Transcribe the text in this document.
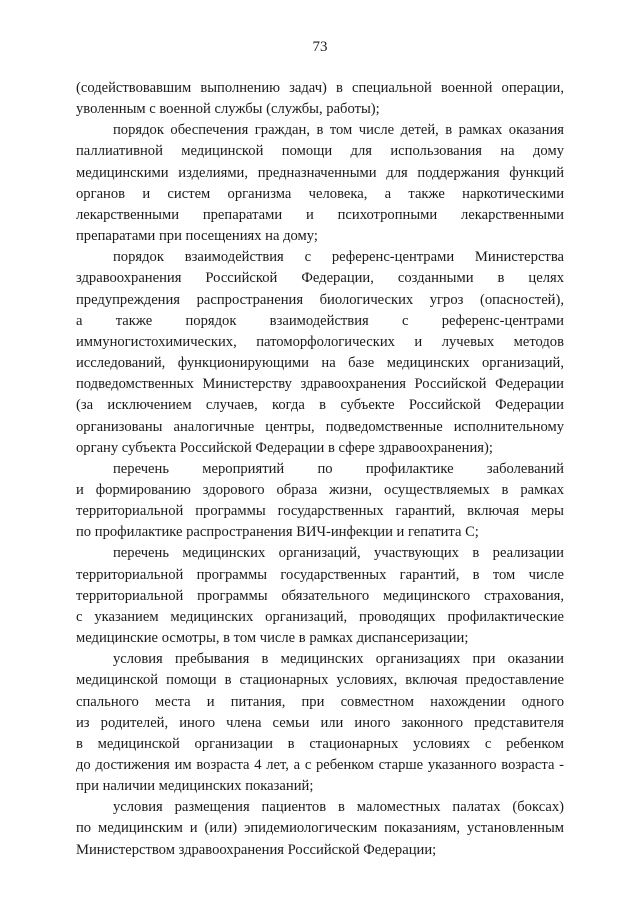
73
(содействовавшим выполнению задач) в специальной военной операции,
уволенным с военной службы (службы, работы);
порядок обеспечения граждан, в том числе детей, в рамках оказания
паллиативной медицинской помощи для использования на дому
медицинскими изделиями, предназначенными для поддержания функций
органов и систем организма человека, а также наркотическими
лекарственными препаратами и психотропными лекарственными
препаратами при посещениях на дому;
порядок взаимодействия с референс-центрами Министерства
здравоохранения Российской Федерации, созданными в целях
предупреждения распространения биологических угроз (опасностей),
а также порядок взаимодействия с референс-центрами
иммуногистохимических, патоморфологических и лучевых методов
исследований, функционирующими на базе медицинских организаций,
подведомственных Министерству здравоохранения Российской Федерации
(за исключением случаев, когда в субъекте Российской Федерации
организованы аналогичные центры, подведомственные исполнительному
органу субъекта Российской Федерации в сфере здравоохранения);
перечень мероприятий по профилактике заболеваний
и формированию здорового образа жизни, осуществляемых в рамках
территориальной программы государственных гарантий, включая меры
по профилактике распространения ВИЧ-инфекции и гепатита С;
перечень медицинских организаций, участвующих в реализации
территориальной программы государственных гарантий, в том числе
территориальной программы обязательного медицинского страхования,
с указанием медицинских организаций, проводящих профилактические
медицинские осмотры, в том числе в рамках диспансеризации;
условия пребывания в медицинских организациях при оказании
медицинской помощи в стационарных условиях, включая предоставление
спального места и питания, при совместном нахождении одного
из родителей, иного члена семьи или иного законного представителя
в медицинской организации в стационарных условиях с ребенком
до достижения им возраста 4 лет, а с ребенком старше указанного возраста -
при наличии медицинских показаний;
условия размещения пациентов в маломестных палатах (боксах)
по медицинским и (или) эпидемиологическим показаниям, установленным
Министерством здравоохранения Российской Федерации;
